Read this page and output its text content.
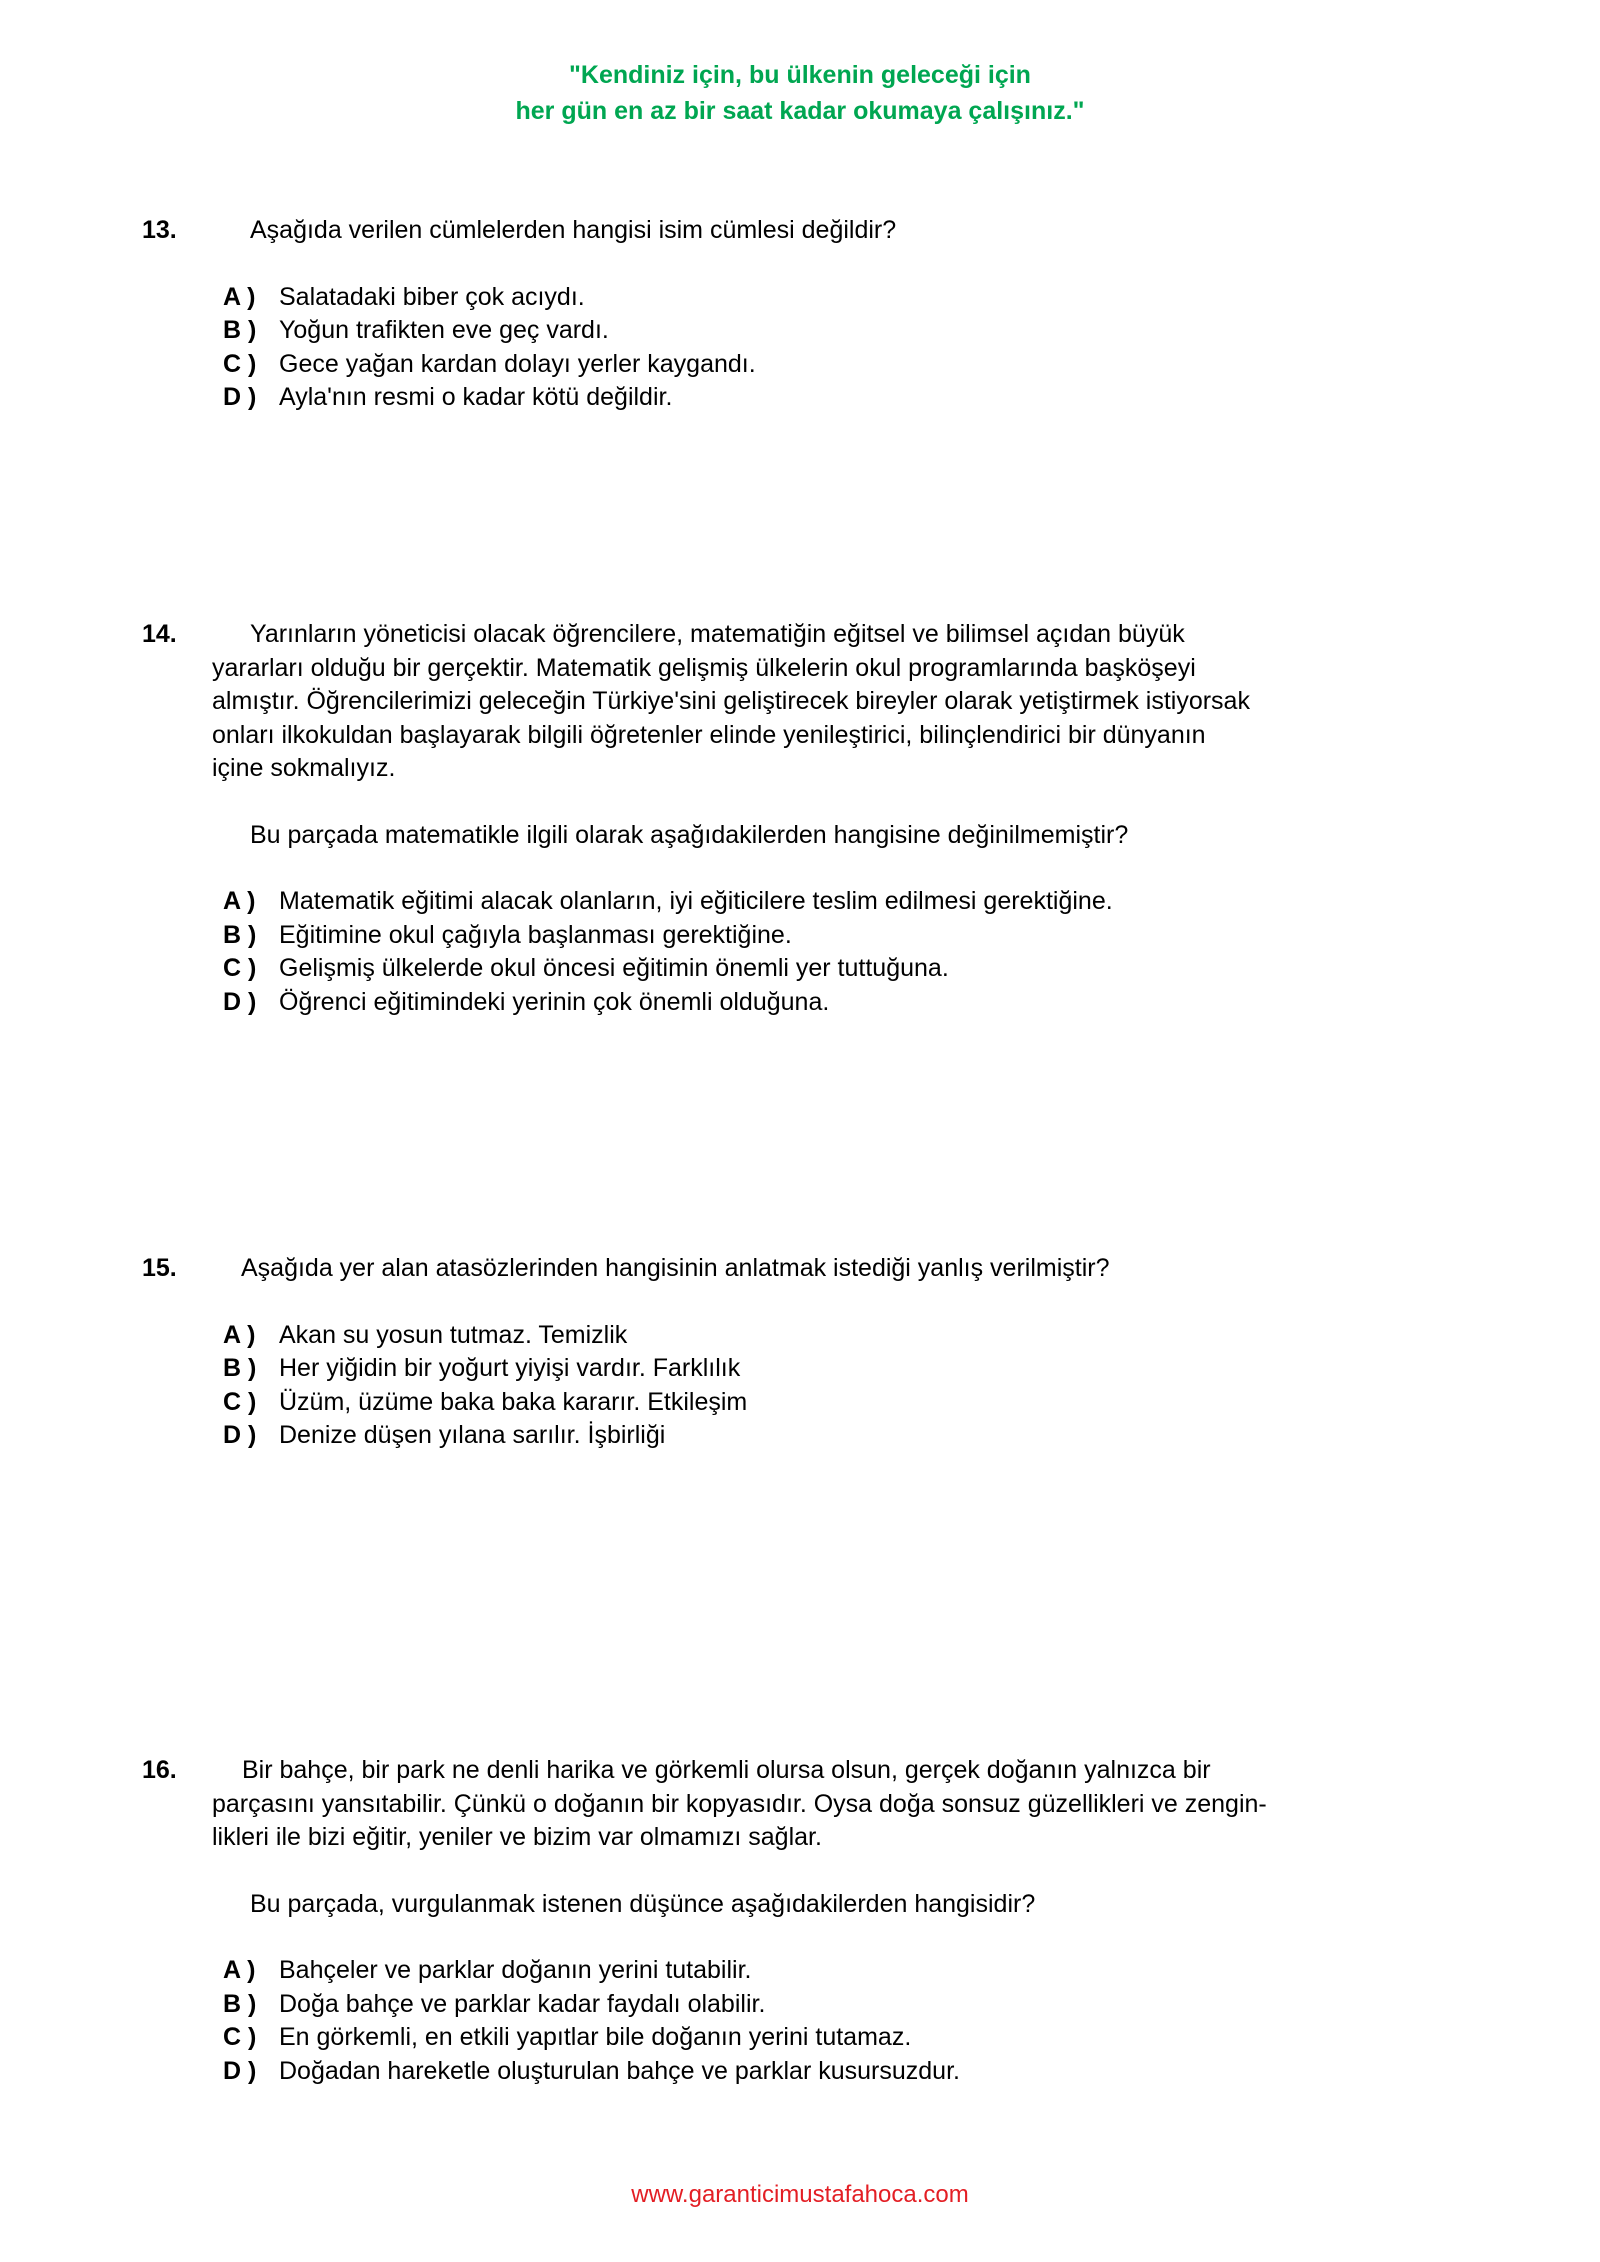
"Kendiniz için, bu ülkenin geleceği için
her gün en az bir saat kadar okumaya çalışınız."
13.	Aşağıda verilen cümlelerden hangisi isim cümlesi değildir?
A ) Salatadaki biber çok acıydı.
B ) Yoğun trafikten eve geç vardı.
C ) Gece yağan kardan dolayı yerler kaygandı.
D ) Ayla'nın resmi o kadar kötü değildir.
14.	Yarınların yöneticisi olacak öğrencilere, matematiğin eğitsel ve bilimsel açıdan büyük
yararları olduğu bir gerçektir. Matematik gelişmiş ülkelerin okul programlarında başköşeyi
almıştır. Öğrencilerimizi geleceğin Türkiye'sini geliştirecek bireyler olarak yetiştirmek istiyorsak
onları ilkokuldan başlayarak bilgili öğretenler elinde yenileştirici, bilinçlendirici bir dünyanın
içine sokmalıyız.
Bu parçada matematikle ilgili olarak aşağıdakilerden hangisine değinilmemiştir?
A ) Matematik eğitimi alacak olanların, iyi eğiticilere teslim edilmesi gerektiğine.
B ) Eğitimine okul çağıyla başlanması gerektiğine.
C ) Gelişmiş ülkelerde okul öncesi eğitimin önemli yer tuttuğuna.
D ) Öğrenci eğitimindeki yerinin çok önemli olduğuna.
15.	Aşağıda yer alan atasözlerinden hangisinin anlatmak istediği yanlış verilmiştir?
A ) Akan su yosun tutmaz. Temizlik
B ) Her yiğidin bir yoğurt yiyişi vardır. Farklılık
C ) Üzüm, üzüme baka baka kararır. Etkileşim
D ) Denize düşen yılana sarılır. İşbirliği
16.	Bir bahçe, bir park ne denli harika ve görkemli olursa olsun, gerçek doğanın yalnızca bir
parçasını yansıtabilir. Çünkü o doğanın bir kopyasıdır. Oysa doğa sonsuz güzellikleri ve zengin-
likleri ile bizi eğitir, yeniler ve bizim var olmamızı sağlar.
Bu parçada, vurgulanmak istenen düşünce aşağıdakilerden hangisidir?
A ) Bahçeler ve parklar doğanın yerini tutabilir.
B ) Doğa bahçe ve parklar kadar faydalı olabilir.
C ) En görkemli, en etkili yapıtlar bile doğanın yerini tutamaz.
D ) Doğadan hareketle oluşturulan bahçe ve parklar kusursuzdur.
www.garanticimustafahoca.com
